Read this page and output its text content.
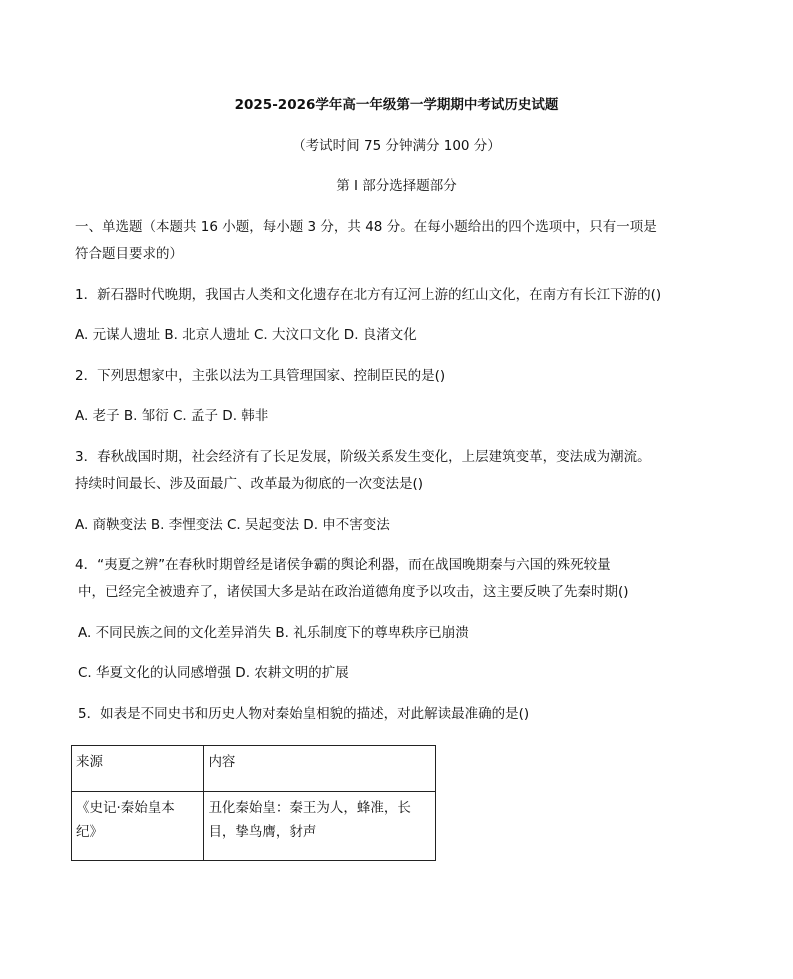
2025-2026学年高一年级第一学期期中考试历史试题
（考试时间 75 分钟满分 100 分）
第 I 部分选择题部分
一、单选题（本题共 16 小题，每小题 3 分，共 48 分。在每小题给出的四个选项中，只有一项是
符合题目要求的）
1．新石器时代晚期，我国古人类和文化遗存在北方有辽河上游的红山文化，在南方有长江下游的()
A. 元谋人遗址 B. 北京人遗址 C. 大汶口文化 D. 良渚文化
2．下列思想家中，主张以法为工具管理国家、控制臣民的是()
A. 老子 B. 邹衍 C. 孟子 D. 韩非
3．春秋战国时期，社会经济有了长足发展，阶级关系发生变化，上层建筑变革，变法成为潮流。
持续时间最长、涉及面最广、改革最为彻底的一次变法是()
A. 商鞅变法 B. 李悝变法 C. 吴起变法 D. 申不害变法
4．“夷夏之辨”在春秋时期曾经是诸侯争霸的舆论利器，而在战国晚期秦与六国的殊死较量
中，已经完全被遗弃了，诸侯国大多是站在政治道德角度予以攻击，这主要反映了先秦时期()
A. 不同民族之间的文化差异消失 B. 礼乐制度下的尊卑秩序已崩溃
C. 华夏文化的认同感增强 D. 农耕文明的扩展
5．如表是不同史书和历史人物对秦始皇相貌的描述，对此解读最准确的是()
来源	内容

《史记·秦始皇本
纪》	丑化秦始皇：秦王为人，蜂准，长
目，挚鸟膺，豺声
